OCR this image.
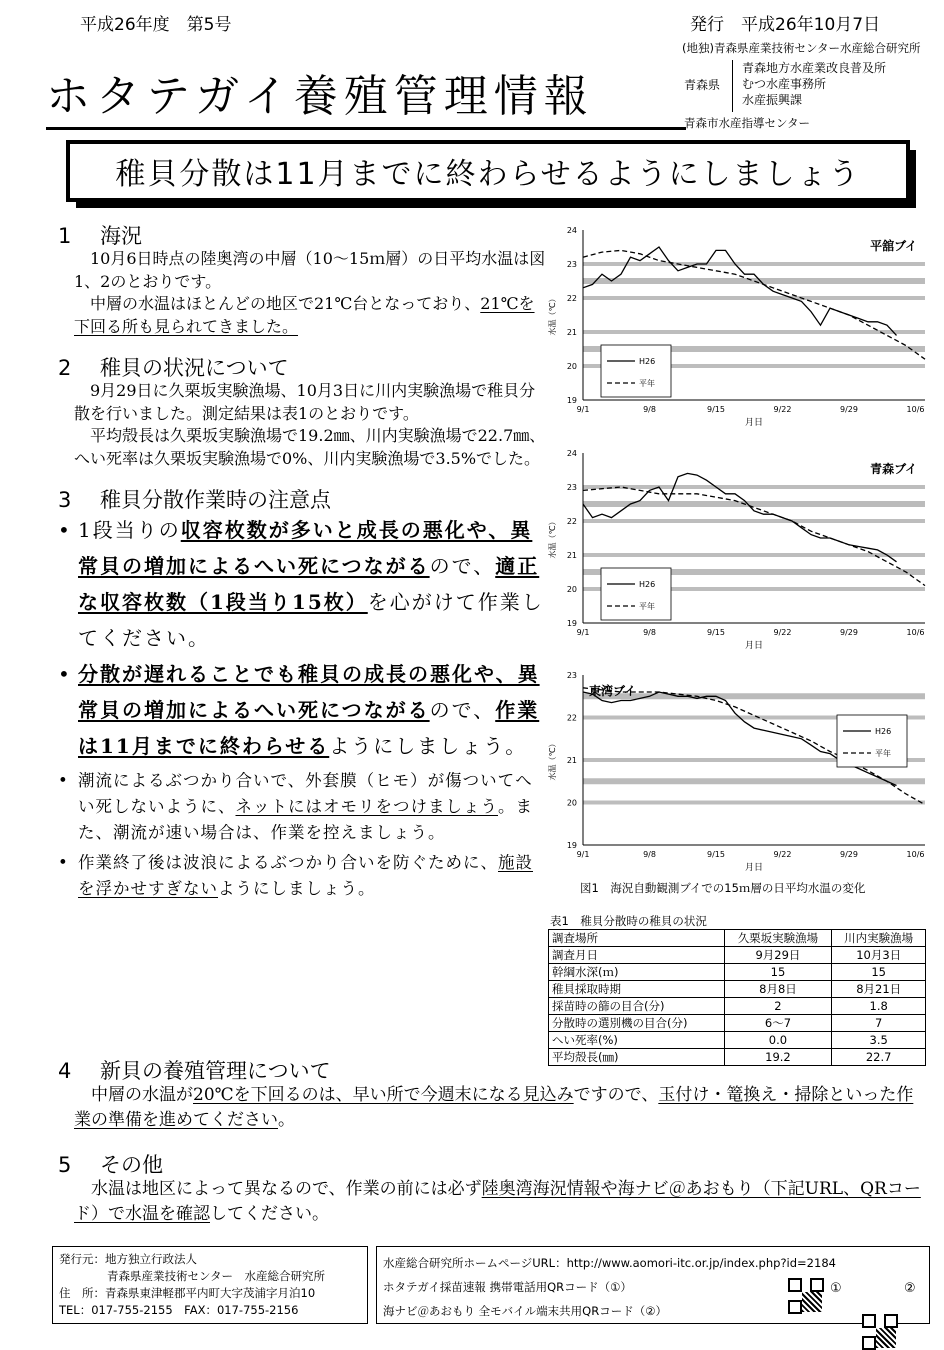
平成26年度　第5号	発行　平成26年10月7日
(地独)青森県産業技術センター水産総合研究所
ホタテガイ養殖管理情報	青森県
青森地方水産業改良普及所
むつ水産事務所
水産振興課
青森市水産指導センター
稚貝分散は11月までに終わらせるようにしましょう
1 海況
10月6日時点の陸奥湾の中層（10～15ｍ層）の日平均水温は図1、2のとおりです。
中層の水温はほとんどの地区で21℃台となっており、21℃を下回る所も見られてきました。
2 稚貝の状況について
9月29日に久栗坂実験漁場、10月3日に川内実験漁場で稚貝分散を行いました。測定結果は表1のとおりです。
平均殻長は久栗坂実験漁場で19.2㎜、川内実験漁場で22.7㎜、へい死率は久栗坂実験漁場で0%、川内実験漁場で3.5%でした。
3 稚貝分散作業時の注意点
• 1段当りの収容枚数が多いと成長の悪化や、異常貝の増加によるへい死につながるので、適正な収容枚数（1段当り15枚）を心がけて作業してください。
• 分散が遅れることでも稚貝の成長の悪化や、異常貝の増加によるへい死につながるので、作業は11月までに終わらせるようにしましょう。
• 潮流によるぶつかり合いで、外套膜（ヒモ）が傷ついてへい死しないように、ネットにはオモリをつけましょう。また、潮流が速い場合は、作業を控えましょう。
• 作業終了後は波浪によるぶつかり合いを防ぐために、施設を浮かせすぎないようにしましょう。
4 新貝の養殖管理について
中層の水温が20℃を下回るのは、早い所で今週末になる見込みですので、玉付け・篭換え・掃除といった作業の準備を進めてください。
5 その他
水温は地区によって異なるので、作業の前には必ず陸奥湾海況情報や海ナビ＠あおもり（下記URL、QRコード）で水温を確認してください。
19
20
21
22
23
24
9/1	9/8	9/15	9/22	9/29	10/6
月日
水温（℃）
平舘ブイ
H26
平年
19
20
21
22
23
24
9/1	9/8	9/15	9/22	9/29	10/6
月日
水温（℃）
青森ブイ
H26
平年
19
20
21
22
23
9/1	9/8	9/15	9/22	9/29	10/6
月日
水温（℃）
東湾ブイ
H26
平年
図1　海況自動観測ブイでの15ｍ層の日平均水温の変化
表1　稚貝分散時の稚貝の状況
調査場所	久栗坂実験漁場	川内実験漁場
調査月日	9月29日	10月3日
幹綱水深(ｍ)	15	15
稚貝採取時期	8月8日	8月21日
採苗時の篩の目合(分)	2	1.8
分散時の選別機の目合(分)	6～7	7
へい死率(%)	0.0	3.5
平均殻長(㎜)	19.2	22.7
発行元：地方独立行政法人
青森県産業技術センター　水産総合研究所
住　所：青森県東津軽郡平内町大字茂浦字月泊10
TEL：017-755-2155　FAX：017-755-2156
水産総合研究所ホームページURL：http://www.aomori-itc.or.jp/index.php?id=2184
ホタテガイ採苗速報 携帯電話用QRコード（①）
海ナビ＠あおもり 全モバイル端末共用QRコード（②）
①	②
